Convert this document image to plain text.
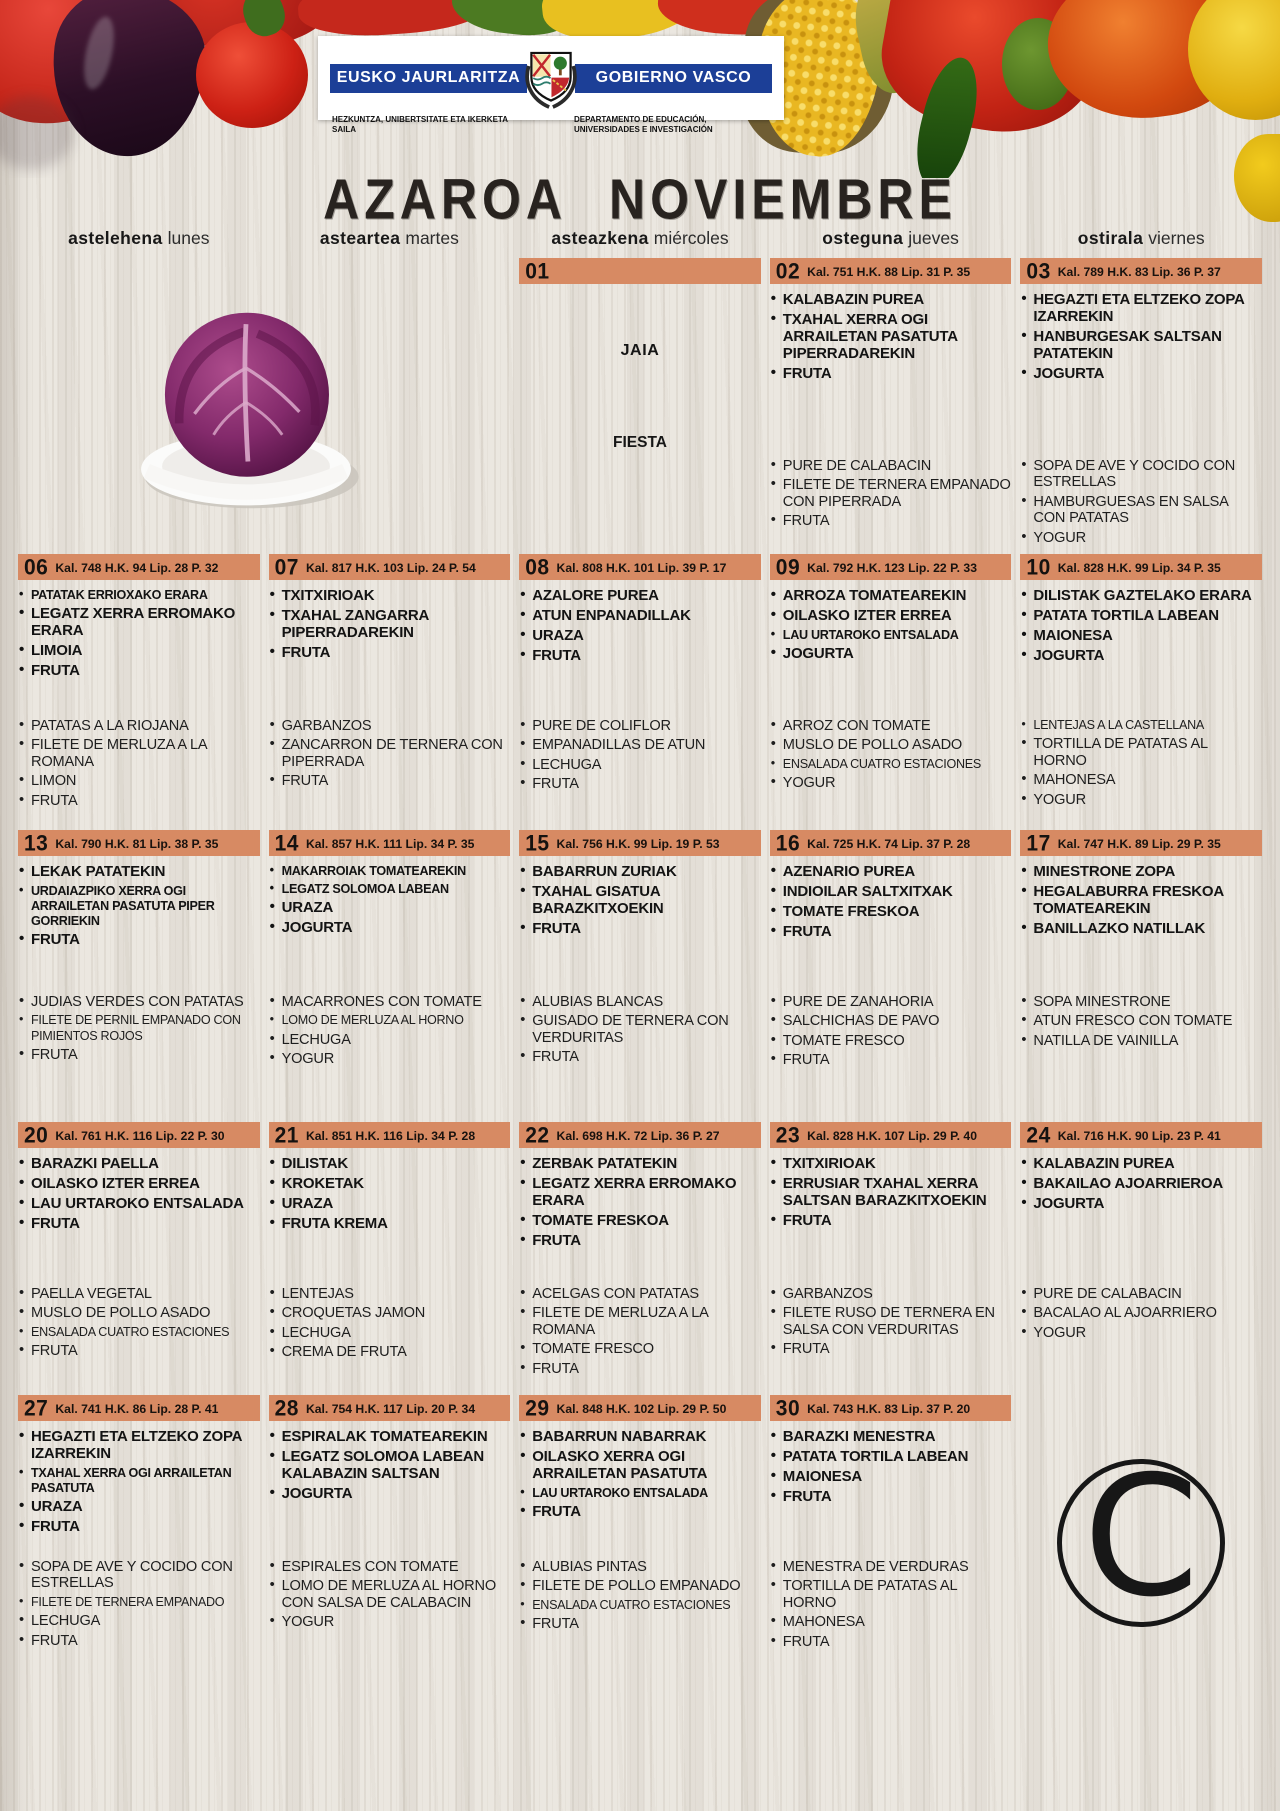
EUSKO JAURLARITZA	GOBIERNO VASCO
HEZKUNTZA, UNIBERTSITATE ETA IKERKETA SAILA
DEPARTAMENTO DE EDUCACIÓN, UNIVERSIDADES E INVESTIGACIÓN
AZAROA NOVIEMBRE
astelehena lunes	asteartea martes	asteazkena miércoles	osteguna jueves	ostirala viernes
01
JAIA
FIESTA
02 Kal. 751 H.K. 88 Lip. 31 P. 35
• KALABAZIN PUREA
• TXAHAL XERRA OGI ARRAILETAN PASATUTA PIPERRADAREKIN
• FRUTA
• PURE DE CALABACIN
• FILETE DE TERNERA EMPANADO CON PIPERRADA
• FRUTA
03 Kal. 789 H.K. 83 Lip. 36 P. 37
• HEGAZTI ETA ELTZEKO ZOPA IZARREKIN
• HANBURGESAK SALTSAN PATATEKIN
• JOGURTA
• SOPA DE AVE Y COCIDO CON ESTRELLAS
• HAMBURGUESAS EN SALSA CON PATATAS
• YOGUR
06 Kal. 748 H.K. 94 Lip. 28 P. 32
• PATATAK ERRIOXAKO ERARA
• LEGATZ XERRA ERROMAKO ERARA
• LIMOIA
• FRUTA
• PATATAS A LA RIOJANA
• FILETE DE MERLUZA A LA ROMANA
• LIMON
• FRUTA
07 Kal. 817 H.K. 103 Lip. 24 P. 54
• TXITXIRIOAK
• TXAHAL ZANGARRA PIPERRADAREKIN
• FRUTA
• GARBANZOS
• ZANCARRON DE TERNERA CON PIPERRADA
• FRUTA
08 Kal. 808 H.K. 101 Lip. 39 P. 17
• AZALORE PUREA
• ATUN ENPANADILLAK
• URAZA
• FRUTA
• PURE DE COLIFLOR
• EMPANADILLAS DE ATUN
• LECHUGA
• FRUTA
09 Kal. 792 H.K. 123 Lip. 22 P. 33
• ARROZA TOMATEAREKIN
• OILASKO IZTER ERREA
• LAU URTAROKO ENTSALADA
• JOGURTA
• ARROZ CON TOMATE
• MUSLO DE POLLO ASADO
• ENSALADA CUATRO ESTACIONES
• YOGUR
10 Kal. 828 H.K. 99 Lip. 34 P. 35
• DILISTAK GAZTELAKO ERARA
• PATATA TORTILA LABEAN
• MAIONESA
• JOGURTA
• LENTEJAS A LA CASTELLANA
• TORTILLA DE PATATAS AL HORNO
• MAHONESA
• YOGUR
13 Kal. 790 H.K. 81 Lip. 38 P. 35
• LEKAK PATATEKIN
• URDAIAZPIKO XERRA OGI ARRAILETAN PASATUTA PIPER GORRIEKIN
• FRUTA
• JUDIAS VERDES CON PATATAS
• FILETE DE PERNIL EMPANADO CON PIMIENTOS ROJOS
• FRUTA
14 Kal. 857 H.K. 111 Lip. 34 P. 35
• MAKARROIAK TOMATEAREKIN
• LEGATZ SOLOMOA LABEAN
• URAZA
• JOGURTA
• MACARRONES CON TOMATE
• LOMO DE MERLUZA AL HORNO
• LECHUGA
• YOGUR
15 Kal. 756 H.K. 99 Lip. 19 P. 53
• BABARRUN ZURIAK
• TXAHAL GISATUA BARAZKITXOEKIN
• FRUTA
• ALUBIAS BLANCAS
• GUISADO DE TERNERA CON VERDURITAS
• FRUTA
16 Kal. 725 H.K. 74 Lip. 37 P. 28
• AZENARIO PUREA
• INDIOILAR SALTXITXAK
• TOMATE FRESKOA
• FRUTA
• PURE DE ZANAHORIA
• SALCHICHAS DE PAVO
• TOMATE FRESCO
• FRUTA
17 Kal. 747 H.K. 89 Lip. 29 P. 35
• MINESTRONE ZOPA
• HEGALABURRA FRESKOA TOMATEAREKIN
• BANILLAZKO NATILLAK
• SOPA MINESTRONE
• ATUN FRESCO CON TOMATE
• NATILLA DE VAINILLA
20 Kal. 761 H.K. 116 Lip. 22 P. 30
• BARAZKI PAELLA
• OILASKO IZTER ERREA
• LAU URTAROKO ENTSALADA
• FRUTA
• PAELLA VEGETAL
• MUSLO DE POLLO ASADO
• ENSALADA CUATRO ESTACIONES
• FRUTA
21 Kal. 851 H.K. 116 Lip. 34 P. 28
• DILISTAK
• KROKETAK
• URAZA
• FRUTA KREMA
• LENTEJAS
• CROQUETAS JAMON
• LECHUGA
• CREMA DE FRUTA
22 Kal. 698 H.K. 72 Lip. 36 P. 27
• ZERBAK PATATEKIN
• LEGATZ XERRA ERROMAKO ERARA
• TOMATE FRESKOA
• FRUTA
• ACELGAS CON PATATAS
• FILETE DE MERLUZA A LA ROMANA
• TOMATE FRESCO
• FRUTA
23 Kal. 828 H.K. 107 Lip. 29 P. 40
• TXITXIRIOAK
• ERRUSIAR TXAHAL XERRA SALTSAN BARAZKITXOEKIN
• FRUTA
• GARBANZOS
• FILETE RUSO DE TERNERA EN SALSA CON VERDURITAS
• FRUTA
24 Kal. 716 H.K. 90 Lip. 23 P. 41
• KALABAZIN PUREA
• BAKAILAO AJOARRIEROA
• JOGURTA
• PURE DE CALABACIN
• BACALAO AL AJOARRIERO
• YOGUR
27 Kal. 741 H.K. 86 Lip. 28 P. 41
• HEGAZTI ETA ELTZEKO ZOPA IZARREKIN
• TXAHAL XERRA OGI ARRAILETAN PASATUTA
• URAZA
• FRUTA
• SOPA DE AVE Y COCIDO CON ESTRELLAS
• FILETE DE TERNERA EMPANADO
• LECHUGA
• FRUTA
28 Kal. 754 H.K. 117 Lip. 20 P. 34
• ESPIRALAK TOMATEAREKIN
• LEGATZ SOLOMOA LABEAN KALABAZIN SALTSAN
• JOGURTA
• ESPIRALES CON TOMATE
• LOMO DE MERLUZA AL HORNO CON SALSA DE CALABACIN
• YOGUR
29 Kal. 848 H.K. 102 Lip. 29 P. 50
• BABARRUN NABARRAK
• OILASKO XERRA OGI ARRAILETAN PASATUTA
• LAU URTAROKO ENTSALADA
• FRUTA
• ALUBIAS PINTAS
• FILETE DE POLLO EMPANADO
• ENSALADA CUATRO ESTACIONES
• FRUTA
30 Kal. 743 H.K. 83 Lip. 37 P. 20
• BARAZKI MENESTRA
• PATATA TORTILA LABEAN
• MAIONESA
• FRUTA
• MENESTRA DE VERDURAS
• TORTILLA DE PATATAS AL HORNO
• MAHONESA
• FRUTA
C
